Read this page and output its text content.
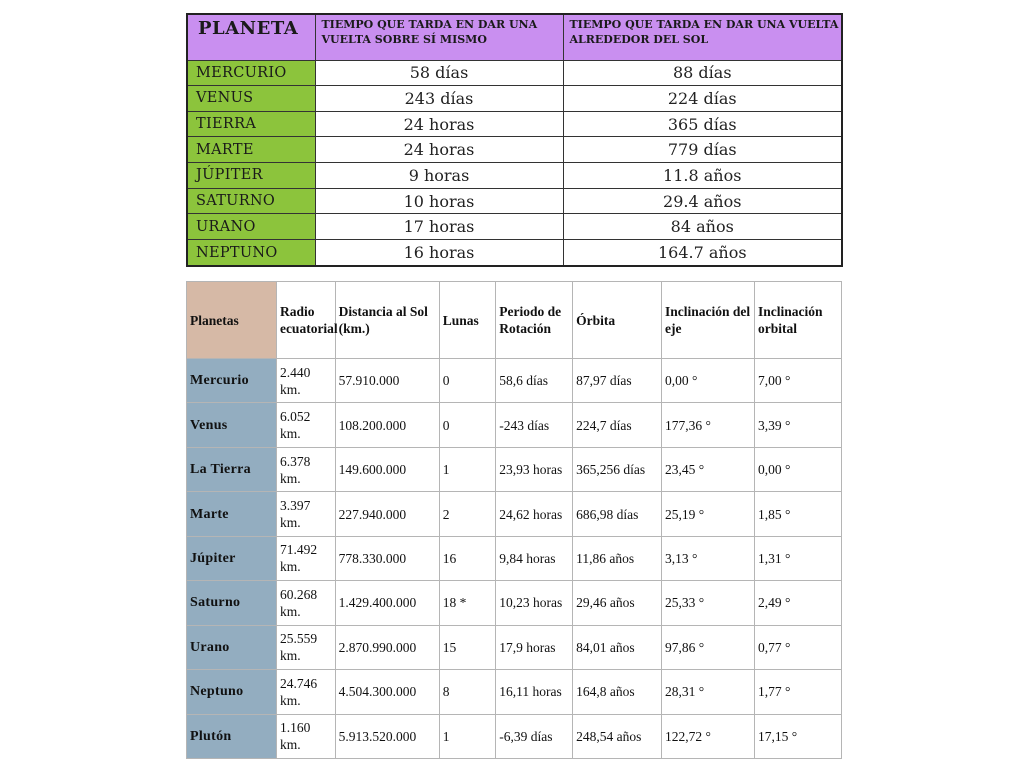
PLANETA	TIEMPO QUE TARDA EN DAR UNA VUELTA SOBRE SÍ MISMO	TIEMPO QUE TARDA EN DAR UNA VUELTA ALREDEDOR DEL SOL
MERCURIO	58 días	88 días
VENUS	243 días	224 días
TIERRA	24 horas	365 días
MARTE	24 horas	779 días
JÚPITER	9 horas	11.8 años
SATURNO	10 horas	29.4 años
URANO	17 horas	84 años
NEPTUNO	16 horas	164.7 años
Planetas	Radio ecuatorial	Distancia al Sol (km.)	Lunas	Periodo de Rotación	Órbita	Inclinación del eje	Inclinación orbital
Mercurio	2.440 km.	57.910.000	0	58,6 días	87,97 días	0,00 °	7,00 °
Venus	6.052 km.	108.200.000	0	-243 días	224,7 días	177,36 °	3,39 °
La Tierra	6.378 km.	149.600.000	1	23,93 horas	365,256 días	23,45 °	0,00 °
Marte	3.397 km.	227.940.000	2	24,62 horas	686,98 días	25,19 °	1,85 °
Júpiter	71.492 km.	778.330.000	16	9,84 horas	11,86 años	3,13 °	1,31 °
Saturno	60.268 km.	1.429.400.000	18 *	10,23 horas	29,46 años	25,33 °	2,49 °
Urano	25.559 km.	2.870.990.000	15	17,9 horas	84,01 años	97,86 °	0,77 °
Neptuno	24.746 km.	4.504.300.000	8	16,11 horas	164,8 años	28,31 °	1,77 °
Plutón	1.160 km.	5.913.520.000	1	-6,39 días	248,54 años	122,72 °	17,15 °
